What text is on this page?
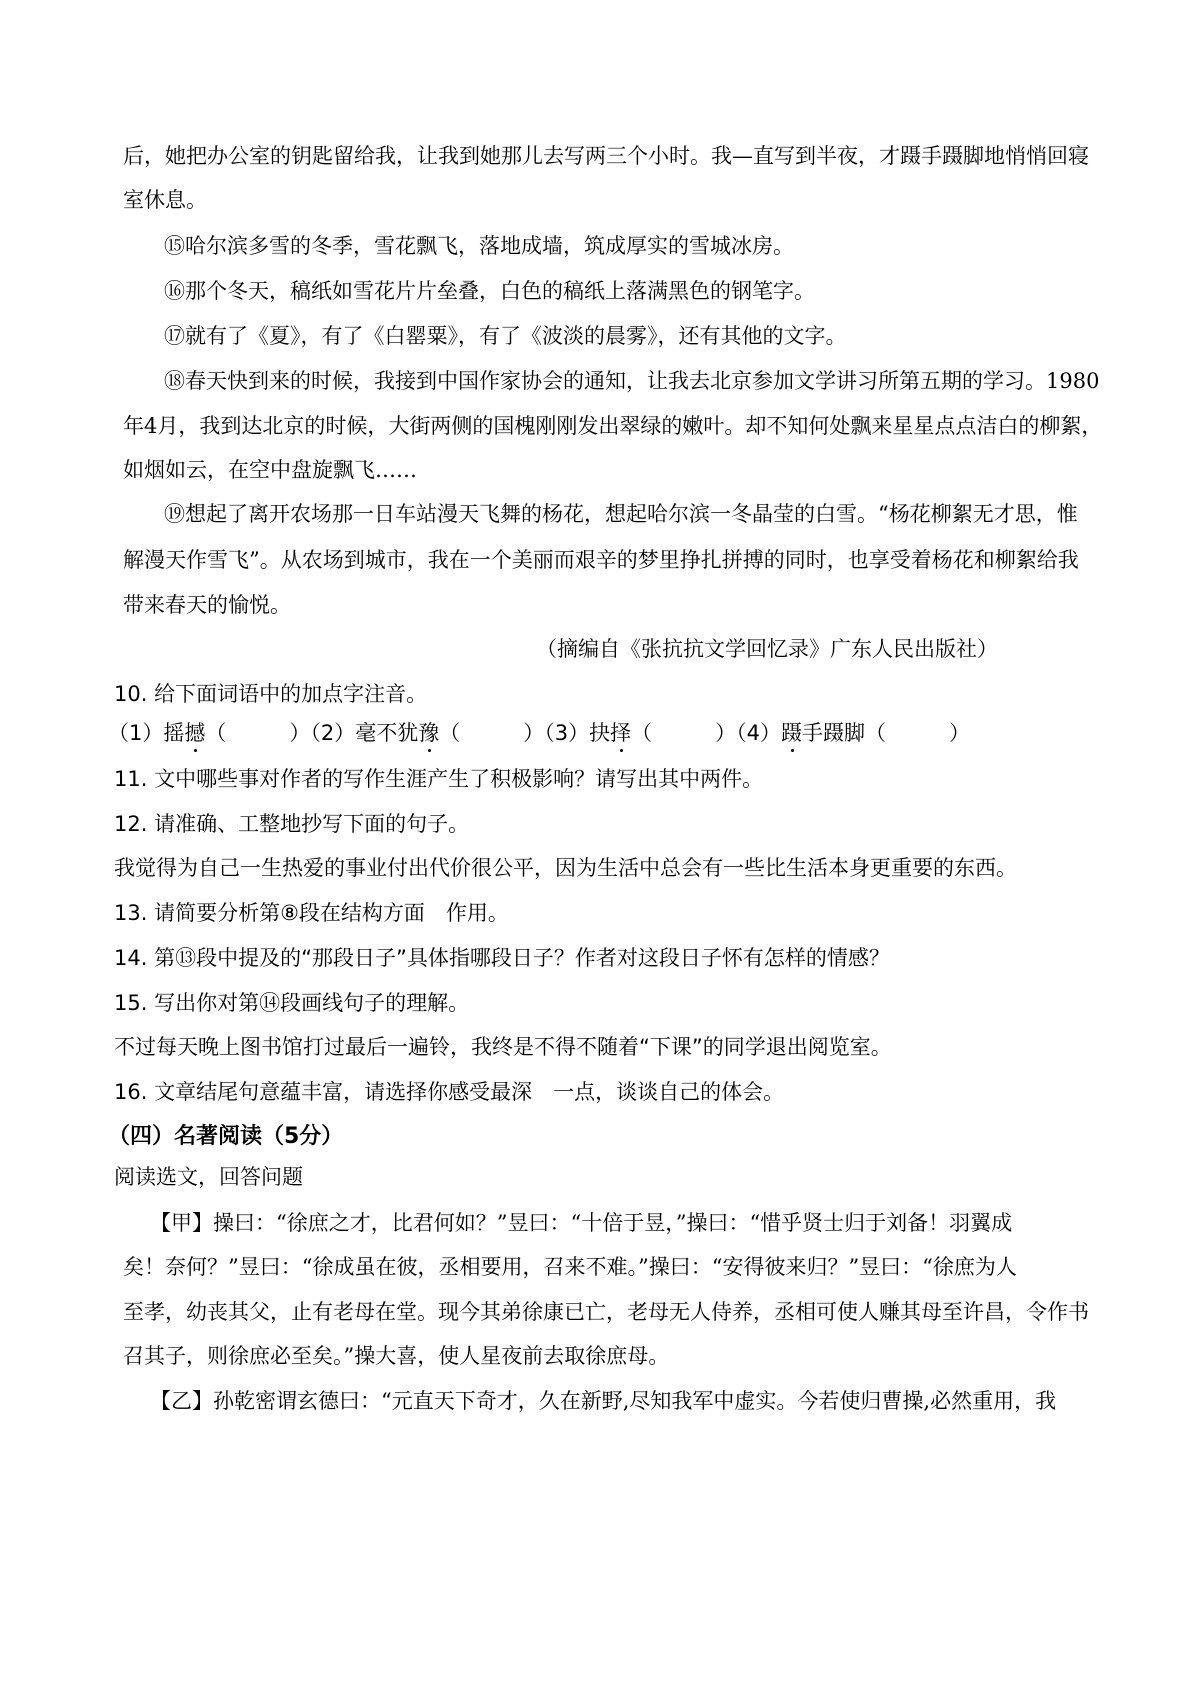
后，她把办公室的钥匙留给我，让我到她那儿去写两三个小时。我—直写到半夜，才蹑手蹑脚地悄悄回寝
室休息。
⑮哈尔滨多雪的冬季，雪花飘飞，落地成墙，筑成厚实的雪城冰房。
⑯那个冬天，稿纸如雪花片片垒叠，白色的稿纸上落满黑色的钢笔字。
⑰就有了《夏》，有了《白罂粟》，有了《波淡的晨雾》，还有其他的文字。
⑱春天快到来的时候，我接到中国作家协会的通知，让我去北京参加文学讲习所第五期的学习。1980
年4月，我到达北京的时候，大街两侧的国槐刚刚发出翠绿的嫩叶。却不知何处飘来星星点点洁白的柳絮，
如烟如云，在空中盘旋飘飞……
⑲想起了离开农场那一日车站漫天飞舞的杨花，想起哈尔滨一冬晶莹的白雪。“杨花柳絮无才思，惟
解漫天作雪飞”。从农场到城市，我在一个美丽而艰辛的梦里挣扎拼搏的同时，也享受着杨花和柳絮给我
带来春天的愉悦。
（摘编自《张抗抗文学回忆录》广东人民出版社）
10. 给下面词语中的加点字注音。
（1）摇撼（　　　）（2）毫不犹豫（　　　）（3）抉择（　　　）（4）蹑手蹑脚（　　　）
11. 文中哪些事对作者的写作生涯产生了积极影响？请写出其中两件。
12. 请准确、工整地抄写下面的句子。
我觉得为自己一生热爱的事业付出代价很公平，因为生活中总会有一些比生活本身更重要的东西。
13. 请简要分析第⑧段在结构方面　作用。
14. 第⑬段中提及的“那段日子”具体指哪段日子？作者对这段日子怀有怎样的情感？
15. 写出你对第⑭段画线句子的理解。
不过每天晚上图书馆打过最后一遍铃，我终是不得不随着“下课”的同学退出阅览室。
16. 文章结尾句意蕴丰富，请选择你感受最深　一点，谈谈自己的体会。
（四）名著阅读（5分）
阅读选文，回答问题
【甲】操曰：“徐庶之才，比君何如？”昱曰：“十倍于昱，”操曰：“惜乎贤士归于刘备！羽翼成
矣！奈何？”昱曰：“徐成虽在彼，丞相要用，召来不难。”操曰：“安得彼来归？”昱曰：“徐庶为人
至孝，幼丧其父，止有老母在堂。现今其弟徐康已亡，老母无人侍养，丞相可使人赚其母至许昌，令作书
召其子，则徐庶必至矣。”操大喜，使人星夜前去取徐庶母。
【乙】孙乾密谓玄德曰：“元直天下奇才，久在新野,尽知我军中虚实。今若使归曹操,必然重用，我
